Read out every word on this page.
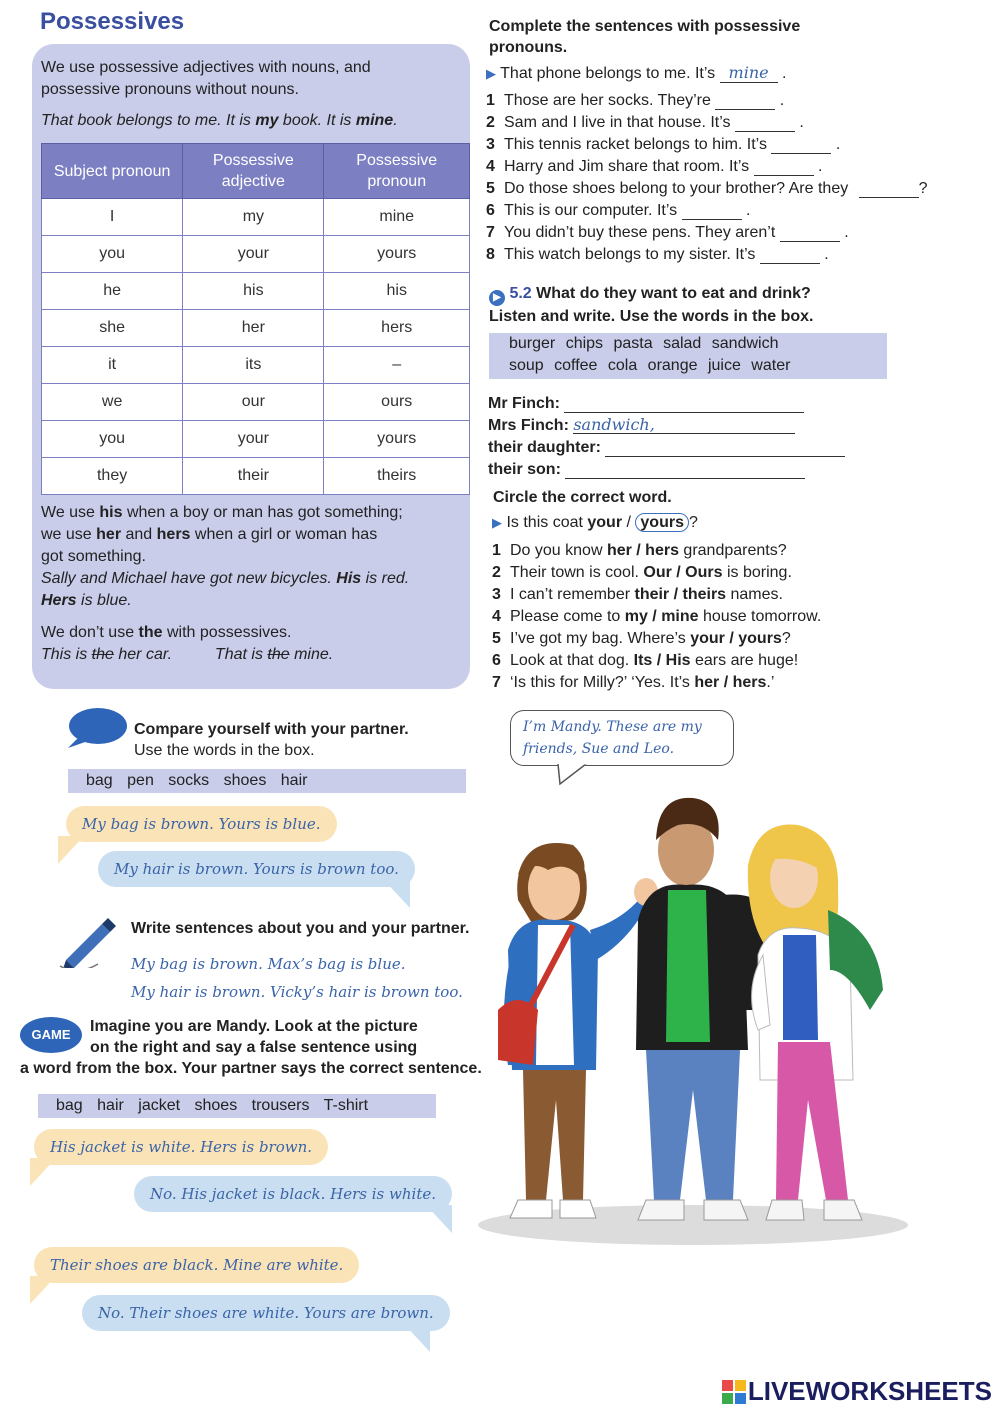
Possessives
We use possessive adjectives with nouns, and
possessive pronouns without nouns.
That book belongs to me. It is my book. It is mine.
Subject pronoun	Possessive adjective	Possessive pronoun
I	my	mine
you	your	yours
he	his	his
she	her	hers
it	its	–
we	our	ours
you	your	yours
they	their	theirs
We use his when a boy or man has got something;
we use her and hers when a girl or woman has
got something.
Sally and Michael have got new bicycles. His is red.
Hers is blue.
We don’t use the with possessives.
This is the her car.	That is the mine.
Complete the sentences with possessive
pronouns.
▶ That phone belongs to me. It’s mine .
1 Those are her socks. They’re	.
2 Sam and I live in that house. It’s	.
3 This tennis racket belongs to him. It’s	.
4 Harry and Jim share that room. It’s	.
5 Do those shoes belong to your brother? Are they	?
6 This is our computer. It’s	.
7 You didn’t buy these pens. They aren’t	.
8 This watch belongs to my sister. It’s	.
▶ 5.2 What do they want to eat and drink?
Listen and write. Use the words in the box.
burger chips pasta salad sandwich
soup coffee cola orange juice water
Mr Finch:
Mrs Finch: sandwich,
their daughter:
their son:
Circle the correct word.
▶ Is this coat your / yours ?
1 Do you know her / hers grandparents?
2 Their town is cool. Our / Ours is boring.
3 I can’t remember their / theirs names.
4 Please come to my / mine house tomorrow.
5 I’ve got my bag. Where’s your / yours?
6 Look at that dog. Its / His ears are huge!
7 ‘Is this for Milly?’ ‘Yes. It’s her / hers.’
Compare yourself with your partner.
Use the words in the box.
bag pen socks shoes hair
My bag is brown. Yours is blue.
My hair is brown. Yours is brown too.
Write sentences about you and your partner.
My bag is brown. Max’s bag is blue.
My hair is brown. Vicky’s hair is brown too.
GAME	Imagine you are Mandy. Look at the picture
on the right and say a false sentence using
a word from the box. Your partner says the correct sentence.
bag hair jacket shoes trousers T-shirt
His jacket is white. Hers is brown.
No. His jacket is black. Hers is white.
Their shoes are black. Mine are white.
No. Their shoes are white. Yours are brown.
I’m Mandy. These are my
friends, Sue and Leo.
LIVEWORKSHEETS
